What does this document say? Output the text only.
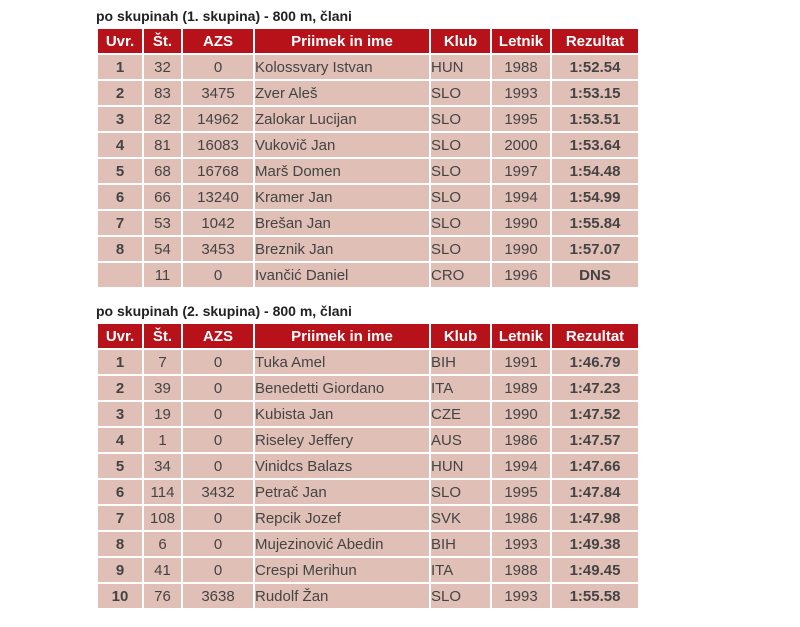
po skupinah (1. skupina) - 800 m, člani
Uvr.	Št.	AZS	Priimek in ime	Klub	Letnik	Rezultat
1	32	0	Kolossvary Istvan	HUN	1988	1:52.54
2	83	3475	Zver Aleš	SLO	1993	1:53.15
3	82	14962	Zalokar Lucijan	SLO	1995	1:53.51
4	81	16083	Vukovič Jan	SLO	2000	1:53.64
5	68	16768	Marš Domen	SLO	1997	1:54.48
6	66	13240	Kramer Jan	SLO	1994	1:54.99
7	53	1042	Brešan Jan	SLO	1990	1:55.84
8	54	3453	Breznik Jan	SLO	1990	1:57.07
	11	0	Ivančić Daniel	CRO	1996	DNS
po skupinah (2. skupina) - 800 m, člani
Uvr.	Št.	AZS	Priimek in ime	Klub	Letnik	Rezultat
1	7	0	Tuka Amel	BIH	1991	1:46.79
2	39	0	Benedetti Giordano	ITA	1989	1:47.23
3	19	0	Kubista Jan	CZE	1990	1:47.52
4	1	0	Riseley Jeffery	AUS	1986	1:47.57
5	34	0	Vinidcs Balazs	HUN	1994	1:47.66
6	114	3432	Petrač Jan	SLO	1995	1:47.84
7	108	0	Repcik Jozef	SVK	1986	1:47.98
8	6	0	Mujezinović Abedin	BIH	1993	1:49.38
9	41	0	Crespi Merihun	ITA	1988	1:49.45
10	76	3638	Rudolf Žan	SLO	1993	1:55.58
